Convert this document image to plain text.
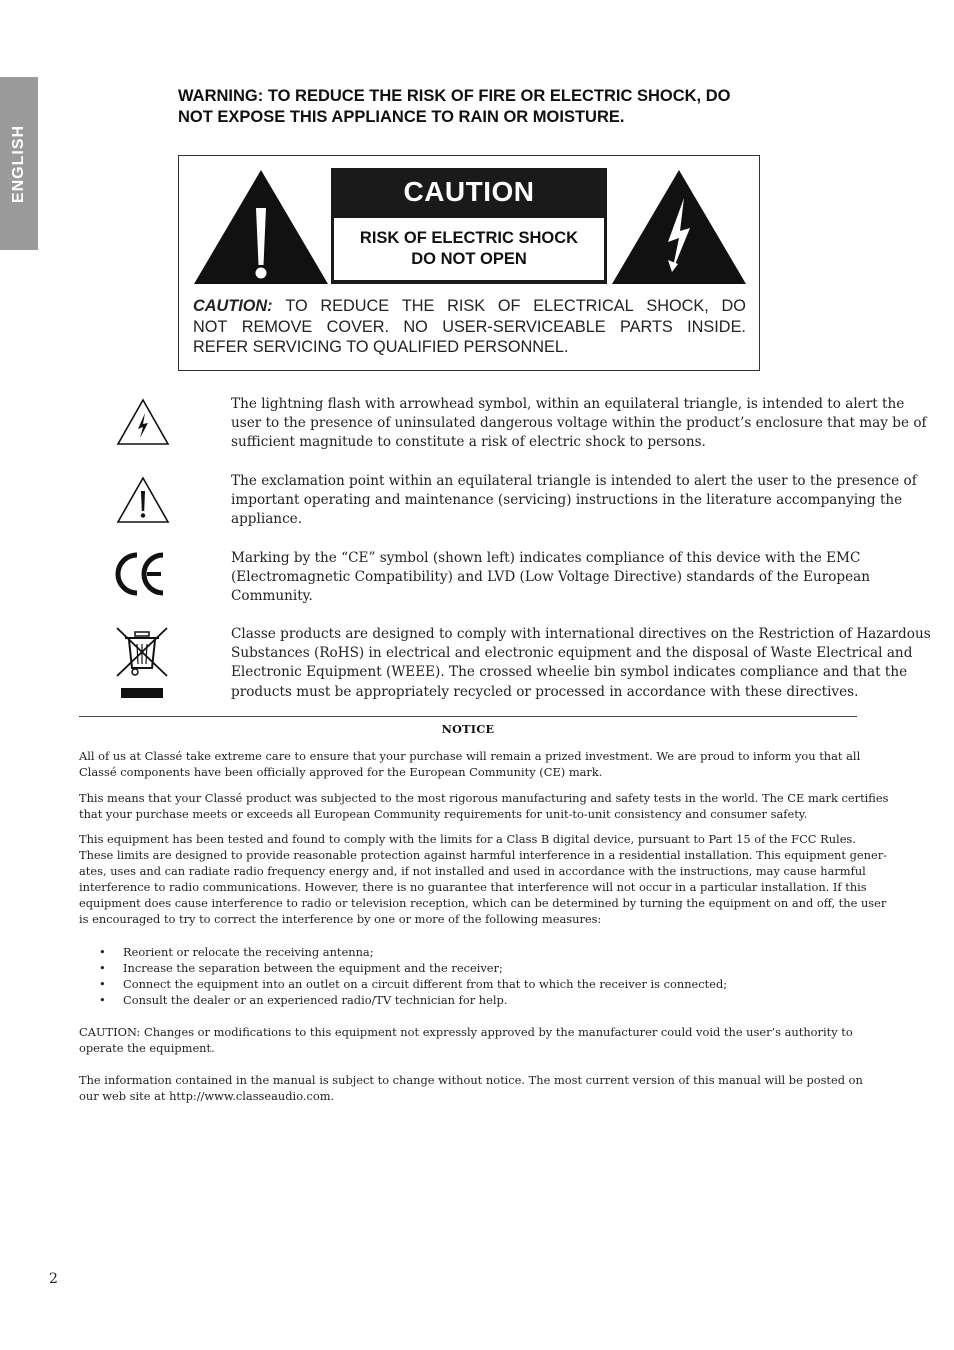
ENGLISH
WARNING: TO REDUCE THE RISK OF FIRE OR ELECTRIC SHOCK, DO
NOT EXPOSE THIS APPLIANCE TO RAIN OR MOISTURE.
CAUTION
RISK OF ELECTRIC SHOCK
DO NOT OPEN
CAUTION: TO REDUCE THE RISK OF ELECTRICAL SHOCK, DO
NOT REMOVE COVER. NO USER-SERVICEABLE PARTS INSIDE.
REFER SERVICING TO QUALIFIED PERSONNEL.
The lightning flash with arrowhead symbol, within an equilateral triangle, is intended to alert the
user to the presence of uninsulated dangerous voltage within the product’s enclosure that may be of
sufficient magnitude to constitute a risk of electric shock to persons.
The exclamation point within an equilateral triangle is intended to alert the user to the presence of
important operating and maintenance (servicing) instructions in the literature accompanying the
appliance.
Marking by the “CE” symbol (shown left) indicates compliance of this device with the EMC
(Electromagnetic Compatibility) and LVD (Low Voltage Directive) standards of the European
Community.
Classe products are designed to comply with international directives on the Restriction of Hazardous
Substances (RoHS) in electrical and electronic equipment and the disposal of Waste Electrical and
Electronic Equipment (WEEE). The crossed wheelie bin symbol indicates compliance and that the
products must be appropriately recycled or processed in accordance with these directives.
NOTICE
All of us at Classé take extreme care to ensure that your purchase will remain a prized investment. We are proud to inform you that all
Classé components have been officially approved for the European Community (CE) mark.
This means that your Classé product was subjected to the most rigorous manufacturing and safety tests in the world. The CE mark certifies
that your purchase meets or exceeds all European Community requirements for unit-to-unit consistency and consumer safety.
This equipment has been tested and found to comply with the limits for a Class B digital device, pursuant to Part 15 of the FCC Rules.
These limits are designed to provide reasonable protection against harmful interference in a residential installation. This equipment gener-
ates, uses and can radiate radio frequency energy and, if not installed and used in accordance with the instructions, may cause harmful
interference to radio communications. However, there is no guarantee that interference will not occur in a particular installation. If this
equipment does cause interference to radio or television reception, which can be determined by turning the equipment on and off, the user
is encouraged to try to correct the interference by one or more of the following measures:
• Reorient or relocate the receiving antenna;
• Increase the separation between the equipment and the receiver;
• Connect the equipment into an outlet on a circuit different from that to which the receiver is connected;
• Consult the dealer or an experienced radio/TV technician for help.
CAUTION: Changes or modifications to this equipment not expressly approved by the manufacturer could void the user’s authority to
operate the equipment.
The information contained in the manual is subject to change without notice. The most current version of this manual will be posted on
our web site at http://www.classeaudio.com.
2
